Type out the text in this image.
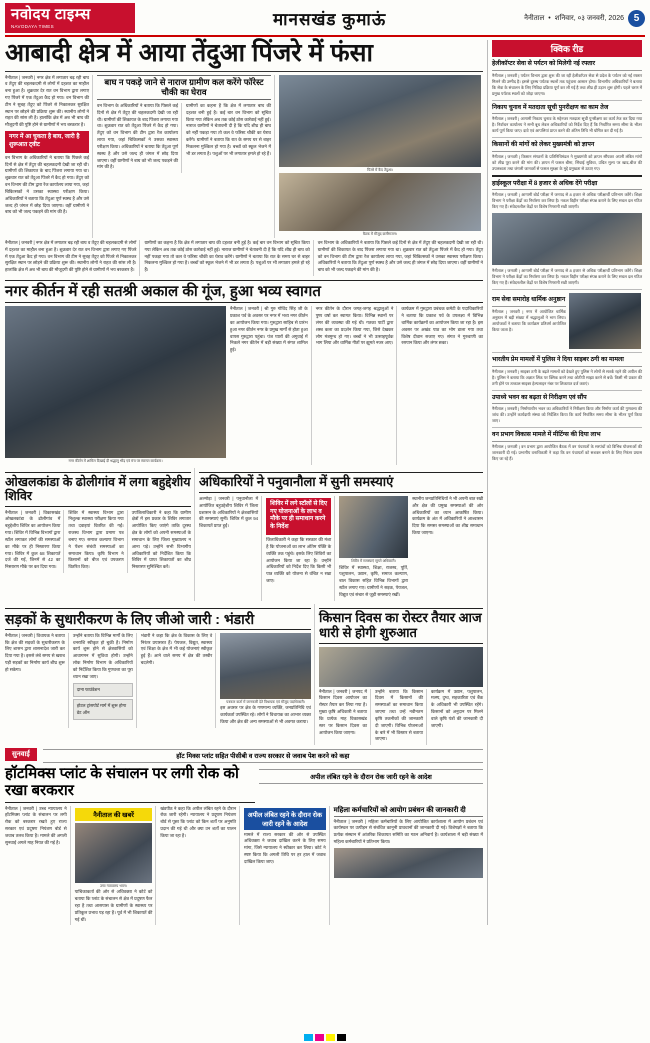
नवोदय टाइम्स
NAVODAYA TIMES	मानसखंड कुमाऊं	नैनीताल • शनिवार, ०३ जनवरी, 2026 5
आबादी क्षेत्र में आया तेंदुआ पिंजरे में फंसा

नैनीताल | जनवरी | नगर क्षेत्र में लगातार बढ़ रही बाघ व तेंदुए की चहलकदमी से लोगों में दहशत का माहौल बना हुआ है। शुक्रवार देर रात वन विभाग द्वारा लगाए गए पिंजरे में एक तेंदुआ कैद हो गया। वन विभाग की टीम ने सुबह तेंदुए को पिंजरे से निकालकर सुरक्षित स्थान पर छोड़ने की प्रक्रिया शुरू की। स्थानीय लोगों ने राहत की सांस ली है। हालांकि क्षेत्र में अब भी बाघ की मौजूदगी की पुष्टि होने से ग्रामीणों में भय बरकरार है।

नगर में आ चुकता है बाघ, जारी है शुरूआत ट्वीट

वन विभाग के अधिकारियों ने बताया कि पिछले कई दिनों से क्षेत्र में तेंदुए की चहलकदमी देखी जा रही थी। ग्रामीणों की शिकायत के बाद पिंजरा लगाया गया था। शुक्रवार रात को तेंदुआ पिंजरे में कैद हो गया। तेंदुए को वन विभाग की टीम द्वारा रेंज कार्यालय लाया गया, जहां चिकित्सकों ने उसका स्वास्थ्य परीक्षण किया। अधिकारियों ने बताया कि तेंदुआ पूर्ण स्वस्थ है और उसे जल्द ही जंगल में छोड़ दिया जाएगा। वहीं ग्रामीणों ने बाघ को भी जल्द पकड़ने की मांग की है।

बाघ न पकड़े जाने से नाराज ग्रामीण कल करेंगे फॉरेस्ट चौकी का घेराव

वन विभाग के अधिकारियों ने बताया कि पिछले कई दिनों से क्षेत्र में तेंदुए की चहलकदमी देखी जा रही थी। ग्रामीणों की शिकायत के बाद पिंजरा लगाया गया था। शुक्रवार रात को तेंदुआ पिंजरे में कैद हो गया। तेंदुए को वन विभाग की टीम द्वारा रेंज कार्यालय लाया गया, जहां चिकित्सकों ने उसका स्वास्थ्य परीक्षण किया। अधिकारियों ने बताया कि तेंदुआ पूर्ण स्वस्थ है और उसे जल्द ही जंगल में छोड़ दिया जाएगा। वहीं ग्रामीणों ने बाघ को भी जल्द पकड़ने की मांग की है।

ग्रामीणों का कहना है कि क्षेत्र में लगातार बाघ की दहशत बनी हुई है। कई बार वन विभाग को सूचित किया गया लेकिन अब तक कोई ठोस कार्रवाई नहीं हुई। नाराज ग्रामीणों ने चेतावनी दी है कि यदि शीघ्र ही बाघ को नहीं पकड़ा गया तो कल वे फॉरेस्ट चौकी का घेराव करेंगे। ग्रामीणों ने बताया कि रात के समय घर से बाहर निकलना मुश्किल हो गया है। बच्चों को स्कूल भेजने में भी डर लगता है। पशुओं पर भी लगातार हमले हो रहे हैं।

पिंजरे में कैद तेंदुआ।
बैठक में मौजूद ग्रामीणजन।

नैनीताल | जनवरी | नगर क्षेत्र में लगातार बढ़ रही बाघ व तेंदुए की चहलकदमी से लोगों में दहशत का माहौल बना हुआ है। शुक्रवार देर रात वन विभाग द्वारा लगाए गए पिंजरे में एक तेंदुआ कैद हो गया। वन विभाग की टीम ने सुबह तेंदुए को पिंजरे से निकालकर सुरक्षित स्थान पर छोड़ने की प्रक्रिया शुरू की। स्थानीय लोगों ने राहत की सांस ली है। हालांकि क्षेत्र में अब भी बाघ की मौजूदगी की पुष्टि होने से ग्रामीणों में भय बरकरार है।

ग्रामीणों का कहना है कि क्षेत्र में लगातार बाघ की दहशत बनी हुई है। कई बार वन विभाग को सूचित किया गया लेकिन अब तक कोई ठोस कार्रवाई नहीं हुई। नाराज ग्रामीणों ने चेतावनी दी है कि यदि शीघ्र ही बाघ को नहीं पकड़ा गया तो कल वे फॉरेस्ट चौकी का घेराव करेंगे। ग्रामीणों ने बताया कि रात के समय घर से बाहर निकलना मुश्किल हो गया है। बच्चों को स्कूल भेजने में भी डर लगता है। पशुओं पर भी लगातार हमले हो रहे हैं।

वन विभाग के अधिकारियों ने बताया कि पिछले कई दिनों से क्षेत्र में तेंदुए की चहलकदमी देखी जा रही थी। ग्रामीणों की शिकायत के बाद पिंजरा लगाया गया था। शुक्रवार रात को तेंदुआ पिंजरे में कैद हो गया। तेंदुए को वन विभाग की टीम द्वारा रेंज कार्यालय लाया गया, जहां चिकित्सकों ने उसका स्वास्थ्य परीक्षण किया। अधिकारियों ने बताया कि तेंदुआ पूर्ण स्वस्थ है और उसे जल्द ही जंगल में छोड़ दिया जाएगा। वहीं ग्रामीणों ने बाघ को भी जल्द पकड़ने की मांग की है।

नगर कीर्तन में रही सतश्री अकाल की गूंज, हुआ भव्य स्वागत
नगर कीर्तन में शामिल दिखाई दी श्रद्धालु भीड़ एवं मंच पर स्वागत कार्यक्रम।

नैनीताल | जनवरी | श्री गुरु गोविंद सिंह जी के प्रकाश पर्व के अवसर पर नगर में भव्य नगर कीर्तन का आयोजन किया गया। गुरुद्वारा साहिब से प्रारंभ हुआ नगर कीर्तन नगर के प्रमुख मार्गों से होता हुआ वापस गुरुद्वारा पहुंचा। पंज प्यारों की अगुवाई में निकले नगर कीर्तन में बड़ी संख्या में संगत शामिल हुई।

नगर कीर्तन के दौरान जगह-जगह श्रद्धालुओं ने पुष्प वर्षा कर स्वागत किया। विभिन्न स्थानों पर लंगर की व्यवस्था की गई थी। गतका पार्टी द्वारा शस्त्र कला का प्रदर्शन किया गया, जिसे देखकर लोग मंत्रमुग्ध हो गए। बच्चों ने भी उत्साहपूर्वक भाग लिया और धार्मिक गीतों पर झूमते नजर आए।

कार्यक्रम में गुरुद्वारा प्रबंधक कमेटी के पदाधिकारियों ने बताया कि प्रकाश पर्व के उपलक्ष्य में विभिन्न धार्मिक कार्यक्रमों का आयोजन किया जा रहा है। इस अवसर पर अखंड पाठ का भोग डाला गया तथा विशेष दीवान सजाए गए। संगत ने गुरुवाणी का रसपान किया और लंगर छका।

ओखलकांडा के ढोलीगांव में लगा बहुद्देशीय शिविर

नैनीताल | जनवरी | विकासखंड ओखलकांडा के ढोलीगांव में बहुद्देशीय शिविर का आयोजन किया गया। शिविर में विभिन्न विभागों द्वारा स्टॉल लगाकर लोगों की समस्याओं का मौके पर ही निस्तारण किया गया। शिविर में कुल 68 शिकायतें दर्ज की गईं, जिनमें से 42 का निस्तारण मौके पर कर दिया गया।

शिविर में स्वास्थ्य विभाग द्वारा निशुल्क स्वास्थ्य परीक्षण किया गया तथा दवाइयां वितरित की गईं। राजस्व विभाग द्वारा प्रमाण पत्र बनाए गए। समाज कल्याण विभाग ने पेंशन संबंधी समस्याओं का समाधान किया। कृषि विभाग ने किसानों को बीज एवं उपकरण वितरित किए।

उपजिलाधिकारी ने कहा कि ग्रामीण क्षेत्रों में इस प्रकार के शिविर लगातार आयोजित किए जाएंगे ताकि दूरस्थ क्षेत्र के लोगों को अपनी समस्याओं के समाधान के लिए जिला मुख्यालय न आना पड़े। उन्होंने सभी विभागीय अधिकारियों को निर्देशित किया कि शिविर में प्राप्त शिकायतों का शीघ्र निस्तारण सुनिश्चित करें।

अधिकारियों ने पनुवानौला में सुनी समस्याएं

अल्मोड़ा | जनवरी | पनुवानौला में आयोजित बहुउद्देशीय शिविर में जिला प्रशासन के अधिकारियों ने क्षेत्रवासियों की समस्याएं सुनीं। शिविर में कुल 94 शिकायतें प्राप्त हुईं।

शिविर में लगे स्टॉलों से दिए गए योजनाओं के लाभ व मौके पर ही समाधान करने के निर्देश

जिलाधिकारी ने कहा कि सरकार की मंशा है कि योजनाओं का लाभ अंतिम पंक्ति के व्यक्ति तक पहुंचे। इसके लिए शिविरों का आयोजन किया जा रहा है। उन्होंने अधिकारियों को निर्देश दिए कि किसी भी पात्र व्यक्ति को योजना से वंचित न रखा जाए।

शिविर में समस्याएं सुनते अधिकारी।

शिविर में स्वास्थ्य, शिक्षा, राजस्व, पूर्ति, पशुपालन, उद्यान, कृषि, समाज कल्याण, बाल विकास सहित विभिन्न विभागों द्वारा स्टॉल लगाए गए। ग्रामीणों ने सड़क, पेयजल, विद्युत एवं संचार से जुड़ी समस्याएं रखीं।

स्थानीय जनप्रतिनिधियों ने भी अपनी बात रखी और क्षेत्र की प्रमुख समस्याओं की ओर अधिकारियों का ध्यान आकर्षित किया। कार्यक्रम के अंत में अधिकारियों ने आश्वासन दिया कि समस्त समस्याओं का शीघ्र समाधान किया जाएगा।

सड़कों के सुधारीकरण के लिए जीओ जारी : भंडारी

नैनीताल | जनवरी | विधायक ने बताया कि क्षेत्र की सड़कों के सुधारीकरण के लिए शासन द्वारा शासनादेश जारी कर दिया गया है। इससे लंबे समय से खराब पड़ी सड़कों का निर्माण कार्य शीघ्र शुरू हो सकेगा।

उन्होंने बताया कि विभिन्न मार्गों के लिए धनराशि स्वीकृत हो चुकी है। निर्माण कार्य शुरू होने से क्षेत्रवासियों को आवागमन में सुविधा होगी। उन्होंने लोक निर्माण विभाग के अधिकारियों को निर्देशित किया कि गुणवत्ता का पूरा ध्यान रखा जाए।

दाना फाउंडेशन
होटल ट्रांसपोर्ट मार्ग में शुरू होगा डेट ऑन

भंडारी ने कहा कि क्षेत्र के विकास के लिए वे निरंतर प्रयासरत हैं। पेयजल, विद्युत, स्वास्थ्य एवं शिक्षा के क्षेत्र में भी कई योजनाएं स्वीकृत हुई हैं। आने वाले समय में क्षेत्र की तस्वीर बदलेगी।

पत्रकार वार्ता में जानकारी देते विधायक एवं मौजूद पदाधिकारी।

इस अवसर पर क्षेत्र के गणमान्य व्यक्ति, जनप्रतिनिधि एवं कार्यकर्ता उपस्थित रहे। लोगों ने विधायक का आभार व्यक्त किया और क्षेत्र की अन्य समस्याओं से भी अवगत कराया।

किसान दिवस का रोस्टर तैयार आज धारी से होगी शुरुआत

नैनीताल | जनवरी | जनपद में किसान दिवस आयोजन का रोस्टर तैयार कर लिया गया है। मुख्य कृषि अधिकारी ने बताया कि प्रत्येक माह विकासखंड स्तर पर किसान दिवस का आयोजन किया जाएगा।

उन्होंने बताया कि किसान दिवस में किसानों की समस्याओं का समाधान किया जाएगा तथा उन्हें नवीनतम कृषि तकनीकों की जानकारी दी जाएगी। विभिन्न योजनाओं के बारे में भी विस्तार से बताया जाएगा।

कार्यक्रम में उद्यान, पशुपालन, मत्स्य, दुग्ध, सहकारिता एवं बैंक के अधिकारी भी उपस्थित रहेंगे। किसानों को अनुदान पर मिलने वाले कृषि यंत्रों की जानकारी दी जाएगी।

सुनवाई	हॉट मिक्स प्लांट सहित पीसीबी व राज्य सरकार से जवाब पेश करने को कहा
हॉटमिक्स प्लांट के संचालन पर लगी रोक को रखा बरकरार
अपील लंबित रहने के दौरान रोक जारी रहने के आदेश

नैनीताल | जनवरी | उच्च न्यायालय ने हॉटमिक्स प्लांट के संचालन पर लगी रोक को बरकरार रखते हुए राज्य सरकार एवं प्रदूषण नियंत्रण बोर्ड से जवाब तलब किया है। मामले की अगली सुनवाई अगले माह नियत की गई है।

नैनीताल की खबरें
उच्च न्यायालय भवन।

याचिकाकर्ता की ओर से अधिवक्ता ने कोर्ट को बताया कि प्लांट के संचालन से क्षेत्र में प्रदूषण फैल रहा है तथा आसपास के ग्रामीणों के स्वास्थ्य पर प्रतिकूल प्रभाव पड़ रहा है। पूर्व में भी शिकायतें की गई थीं।

खंडपीठ ने कहा कि अपील लंबित रहने के दौरान रोक जारी रहेगी। न्यायालय ने प्रदूषण नियंत्रण बोर्ड से पूछा कि प्लांट को किन शर्तों पर अनुमति प्रदान की गई थी और क्या उन शर्तों का पालन किया जा रहा है।

अपील लंबित रहने के दौरान रोक जारी रहने के आदेश

मामले में राज्य सरकार की ओर से उपस्थित अधिवक्ता ने जवाब दाखिल करने के लिए समय मांगा, जिसे न्यायालय ने स्वीकार कर लिया। कोर्ट ने स्पष्ट किया कि अगली तिथि पर हर हाल में जवाब दाखिल किया जाए।

महिला कर्मचारियों को आयोग प्रबंधन की जानकारी दी

नैनीताल | जनवरी | महिला कर्मचारियों के लिए आयोजित कार्यशाला में आयोग प्रबंधन एवं कार्यस्थल पर उत्पीड़न से संबंधित कानूनी प्रावधानों की जानकारी दी गई। विशेषज्ञों ने बताया कि प्रत्येक संस्थान में आंतरिक शिकायत समिति का गठन अनिवार्य है। कार्यशाला में बड़ी संख्या में महिला कर्मचारियों ने प्रतिभाग किया।

क्विक रीड
हेलीकॉप्टर सेवा से पर्यटन को मिलेगी नई रफ्तार

नैनीताल | जनवरी | पर्यटन विभाग द्वारा शुरू की जा रही हेलीकॉप्टर सेवा से प्रदेश के पर्यटन को नई रफ्तार मिलने की उम्मीद है। इससे दूरस्थ पर्यटक स्थलों तक पहुंचना आसान होगा। विभागीय अधिकारियों ने बताया कि सेवा के संचालन के लिए निविदा प्रक्रिया पूर्ण कर ली गई है तथा शीघ्र ही उड़ान शुरू होगी। पहले चरण में प्रमुख पर्यटक स्थलों को जोड़ा जाएगा।

निकाय चुनाव में मतदाता सूची पुनरीक्षण का काम तेज

नैनीताल | जनवरी | आगामी निकाय चुनाव के मद्देनजर मतदाता सूची पुनरीक्षण का कार्य तेज कर दिया गया है। निर्वाचन कार्यालय ने सभी बूथ लेवल अधिकारियों को निर्देश दिए हैं कि निर्धारित समय सीमा के भीतर कार्य पूर्ण किया जाए। दावे एवं आपत्तियां प्राप्त करने की अंतिम तिथि भी घोषित कर दी गई है।

किसानों की मांगों को लेकर मुख्यमंत्री को ज्ञापन

नैनीताल | जनवरी | किसान संगठनों के प्रतिनिधिमंडल ने मुख्यमंत्री को ज्ञापन सौंपकर अपनी लंबित मांगों को शीघ्र पूरा करने की मांग की। ज्ञापन में फसल बीमा, सिंचाई सुविधा, उचित मूल्य पर खाद-बीज की उपलब्धता तथा जंगली जानवरों से फसल सुरक्षा के मुद्दे प्रमुखता से उठाए गए।

हाईस्कूल परीक्षा में 8 हजार से अधिक देंगे परीक्षा

नैनीताल | जनवरी | आगामी बोर्ड परीक्षा में जनपद से 8 हजार से अधिक परीक्षार्थी प्रतिभाग करेंगे। शिक्षा विभाग ने परीक्षा केंद्रों का निर्धारण कर लिया है। नकल विहीन परीक्षा संपन्न कराने के लिए सचल दल गठित किए गए हैं। संवेदनशील केंद्रों पर विशेष निगरानी रखी जाएगी।

नैनीताल | जनवरी | आगामी बोर्ड परीक्षा में जनपद से 8 हजार से अधिक परीक्षार्थी प्रतिभाग करेंगे। शिक्षा विभाग ने परीक्षा केंद्रों का निर्धारण कर लिया है। नकल विहीन परीक्षा संपन्न कराने के लिए सचल दल गठित किए गए हैं। संवेदनशील केंद्रों पर विशेष निगरानी रखी जाएगी।

राम सेवा समारोह धार्मिक अनुष्ठान

नैनीताल | जनवरी | नगर में आयोजित धार्मिक अनुष्ठान में बड़ी संख्या में श्रद्धालुओं ने भाग लिया। आयोजकों ने बताया कि कार्यक्रम प्रतिवर्ष आयोजित किया जाता है।

भारतीय प्रेम मामलों में पुलिस ने दिया साइबर ठगी का मामला

नैनीताल | जनवरी | साइबर ठगी के बढ़ते मामलों को देखते हुए पुलिस ने लोगों से सतर्क रहने की अपील की है। पुलिस ने बताया कि अज्ञात लिंक पर क्लिक करने तथा ओटीपी साझा करने से बचें। किसी भी प्रकार की ठगी होने पर तत्काल साइबर हेल्पलाइन नंबर पर शिकायत दर्ज कराएं।

उपाध्ये भवन का बढ़ता से निरीक्षण एवं सौंप

नैनीताल | जनवरी | निर्माणाधीन भवन का अधिकारियों ने निरीक्षण किया और निर्माण कार्य की गुणवत्ता की जांच की। उन्होंने कार्यदायी संस्था को निर्देशित किया कि कार्य निर्धारित समय सीमा के भीतर पूर्ण किया जाए।

वन प्रभाग विकास मामले में मीटिंग्स की दिया लाभ

नैनीताल | जनवरी | वन प्रभाग द्वारा आयोजित बैठक में वन पंचायतों के सरपंचों को विभिन्न योजनाओं की जानकारी दी गई। प्रभागीय वनाधिकारी ने कहा कि वन पंचायतों को सशक्त बनाने के लिए निरंतर प्रयास किए जा रहे हैं।
